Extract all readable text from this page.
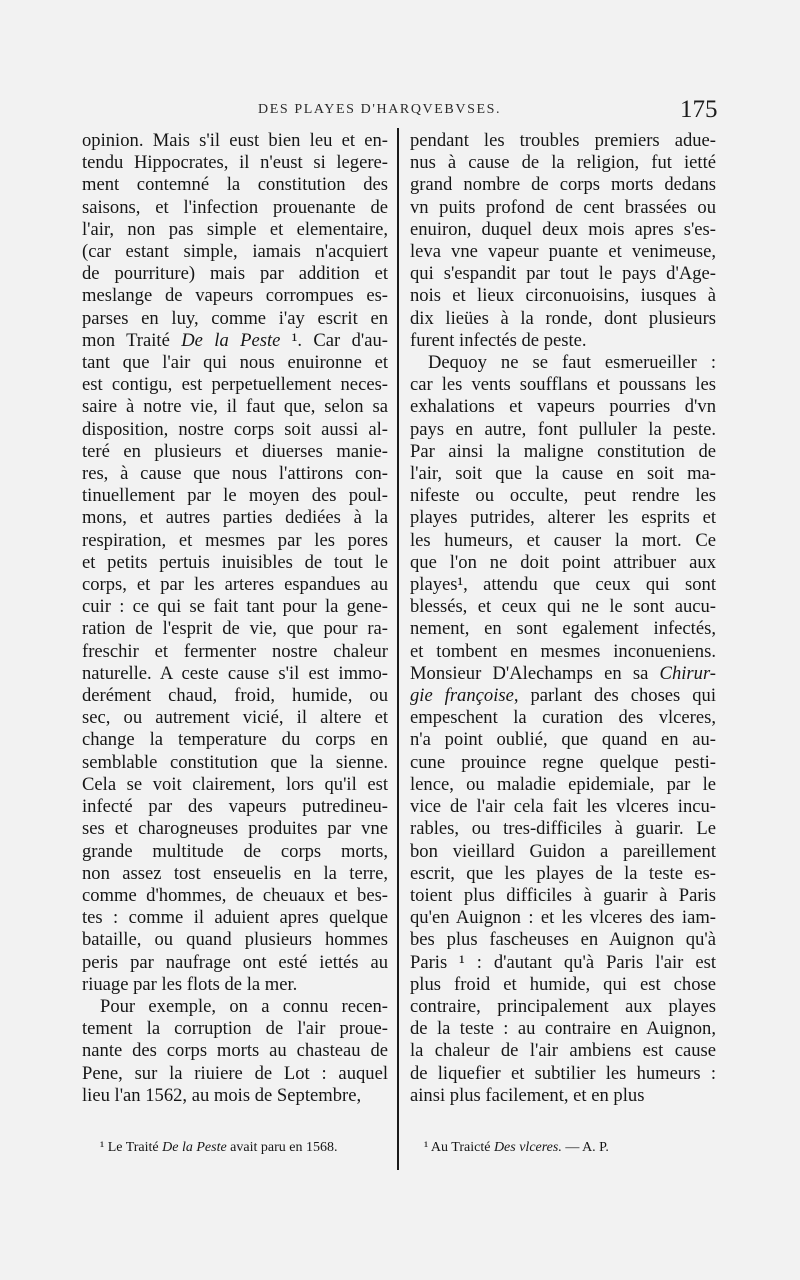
DES PLAYES D'HARQVEBVSES.	175
opinion. Mais s'il eust bien leu et en-
tendu Hippocrates, il n'eust si legere-
ment contemné la constitution des
saisons, et l'infection prouenante de
l'air, non pas simple et elementaire,
(car estant simple, iamais n'acquiert
de pourriture) mais par addition et
meslange de vapeurs corrompues es-
parses en luy, comme i'ay escrit en
mon Traité De la Peste ¹. Car d'au-
tant que l'air qui nous enuironne et
est contigu, est perpetuellement neces-
saire à notre vie, il faut que, selon sa
disposition, nostre corps soit aussi al-
teré en plusieurs et diuerses manie-
res, à cause que nous l'attirons con-
tinuellement par le moyen des poul-
mons, et autres parties dediées à la
respiration, et mesmes par les pores
et petits pertuis inuisibles de tout le
corps, et par les arteres espandues au
cuir : ce qui se fait tant pour la gene-
ration de l'esprit de vie, que pour ra-
freschir et fermenter nostre chaleur
naturelle. A ceste cause s'il est immo-
derément chaud, froid, humide, ou
sec, ou autrement vicié, il altere et
change la temperature du corps en
semblable constitution que la sienne.
Cela se voit clairement, lors qu'il est
infecté par des vapeurs putredineu-
ses et charogneuses produites par vne
grande multitude de corps morts,
non assez tost enseuelis en la terre,
comme d'hommes, de cheuaux et bes-
tes : comme il aduient apres quelque
bataille, ou quand plusieurs hommes
peris par naufrage ont esté iettés au
riuage par les flots de la mer.
Pour exemple, on a connu recen-
tement la corruption de l'air proue-
nante des corps morts au chasteau de
Pene, sur la riuiere de Lot : auquel
lieu l'an 1562, au mois de Septembre,
pendant les troubles premiers adue-
nus à cause de la religion, fut ietté
grand nombre de corps morts dedans
vn puits profond de cent brassées ou
enuiron, duquel deux mois apres s'es-
leva vne vapeur puante et venimeuse,
qui s'espandit par tout le pays d'Age-
nois et lieux circonuoisins, iusques à
dix lieües à la ronde, dont plusieurs
furent infectés de peste.
Dequoy ne se faut esmerueiller :
car les vents soufflans et poussans les
exhalations et vapeurs pourries d'vn
pays en autre, font pulluler la peste.
Par ainsi la maligne constitution de
l'air, soit que la cause en soit ma-
nifeste ou occulte, peut rendre les
playes putrides, alterer les esprits et
les humeurs, et causer la mort. Ce
que l'on ne doit point attribuer aux
playes¹, attendu que ceux qui sont
blessés, et ceux qui ne le sont aucu-
nement, en sont egalement infectés,
et tombent en mesmes inconueniens.
Monsieur D'Alechamps en sa Chirur-
gie françoise, parlant des choses qui
empeschent la curation des vlceres,
n'a point oublié, que quand en au-
cune prouince regne quelque pesti-
lence, ou maladie epidemiale, par le
vice de l'air cela fait les vlceres incu-
rables, ou tres-difficiles à guarir. Le
bon vieillard Guidon a pareillement
escrit, que les playes de la teste es-
toient plus difficiles à guarir à Paris
qu'en Auignon : et les vlceres des iam-
bes plus fascheuses en Auignon qu'à
Paris ¹ : d'autant qu'à Paris l'air est
plus froid et humide, qui est chose
contraire, principalement aux playes
de la teste : au contraire en Auignon,
la chaleur de l'air ambiens est cause
de liquefier et subtilier les humeurs :
ainsi plus facilement, et en plus
¹ Le Traité De la Peste avait paru en 1568.	¹ Au Traicté Des vlceres. — A. P.
